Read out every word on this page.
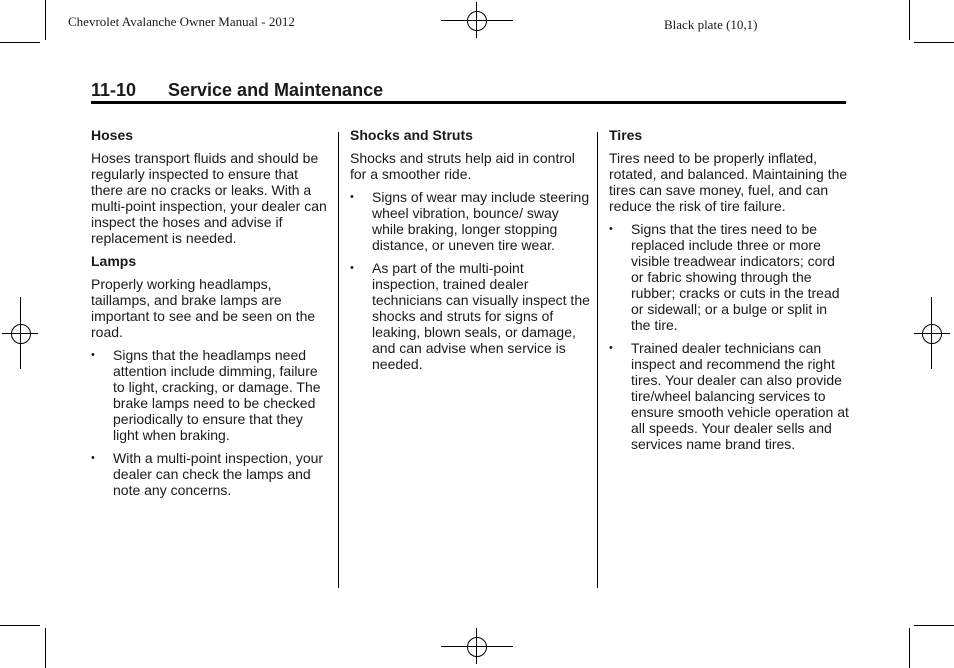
Chevrolet Avalanche Owner Manual - 2012	Black plate (10,1)
11-10 Service and Maintenance
Hoses

Hoses transport fluids and should be regularly inspected to ensure that there are no cracks or leaks. With a multi-point inspection, your dealer can inspect the hoses and advise if replacement is needed.

Lamps

Properly working headlamps, taillamps, and brake lamps are important to see and be seen on the road.

• Signs that the headlamps need attention include dimming, failure to light, cracking, or damage. The brake lamps need to be checked periodically to ensure that they light when braking.
• With a multi-point inspection, your dealer can check the lamps and note any concerns.
Shocks and Struts

Shocks and struts help aid in control for a smoother ride.

• Signs of wear may include steering wheel vibration, bounce/ sway while braking, longer stopping distance, or uneven tire wear.
• As part of the multi-point inspection, trained dealer technicians can visually inspect the shocks and struts for signs of leaking, blown seals, or damage, and can advise when service is needed.
Tires

Tires need to be properly inflated, rotated, and balanced. Maintaining the tires can save money, fuel, and can reduce the risk of tire failure.

• Signs that the tires need to be replaced include three or more visible treadwear indicators; cord or fabric showing through the rubber; cracks or cuts in the tread or sidewall; or a bulge or split in the tire.
• Trained dealer technicians can inspect and recommend the right tires. Your dealer can also provide tire/wheel balancing services to ensure smooth vehicle operation at all speeds. Your dealer sells and services name brand tires.
